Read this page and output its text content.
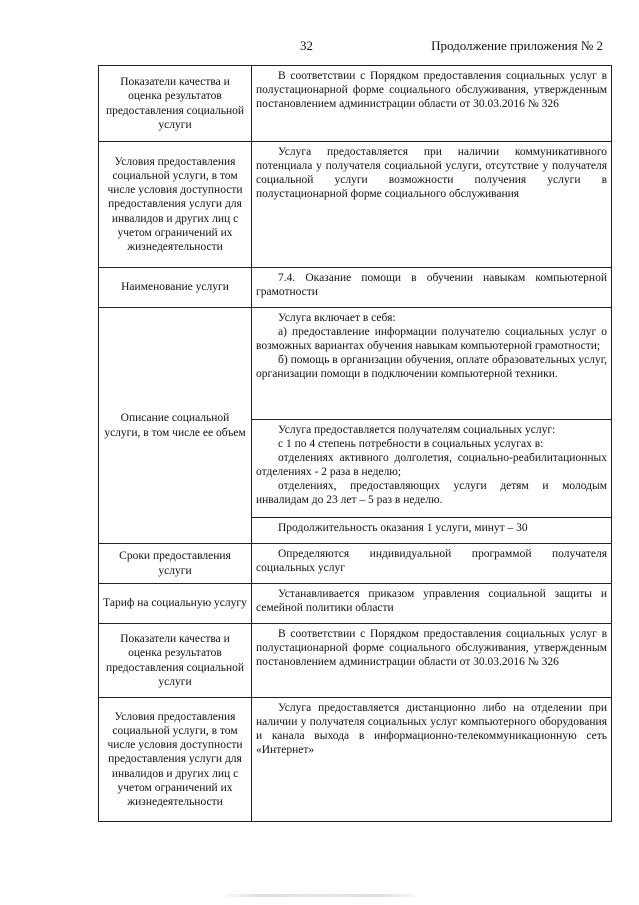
32	Продолжение приложения № 2
Показатели качества и оценка результатов предоставления социальной услуги	В соответствии с Порядком предоставления социальных услуг в полустационарной форме социального обслуживания, утвержденным постановлением администрации области от 30.03.2016 № 326

Условия предоставления социальной услуги, в том числе условия доступности предоставления услуги для инвалидов и других лиц с учетом ограничений их жизнедеятельности	Услуга предоставляется при наличии коммуникативного потенциала у получателя социальной услуги, отсутствие у получателя социальной услуги возможности получения услуги в полустационарной форме социального обслуживания

Наименование услуги	7.4. Оказание помощи в обучении навыкам компьютерной грамотности

Описание социальной услуги, в том числе ее объем	Услуга включает в себя:

а) предоставление информации получателю социальных услуг о возможных вариантах обучения навыкам компьютерной грамотности;

б) помощь в организации обучения, оплате образовательных услуг, организации помощи в подключении компьютерной техники.

	Услуга предоставляется получателям социальных услуг:

с 1 по 4 степень потребности в социальных услугах в:

отделениях активного долголетия, социально-реабилитационных отделениях - 2 раза в неделю;

отделениях, предоставляющих услуги детям и молодым инвалидам до 23 лет – 5 раз в неделю.

	Продолжительность оказания 1 услуги, минут – 30

Сроки предоставления услуги	Определяются индивидуальной программой получателя социальных услуг

Тариф на социальную услугу	Устанавливается приказом управления социальной защиты и семейной политики области

Показатели качества и оценка результатов предоставления социальной услуги	В соответствии с Порядком предоставления социальных услуг в полустационарной форме социального обслуживания, утвержденным постановлением администрации области от 30.03.2016 № 326

Условия предоставления социальной услуги, в том числе условия доступности предоставления услуги для инвалидов и других лиц с учетом ограничений их жизнедеятельности	Услуга предоставляется дистанционно либо на отделении при наличии у получателя социальных услуг компьютерного оборудования и канала выхода в информационно-телекоммуникационную сеть «Интернет»
